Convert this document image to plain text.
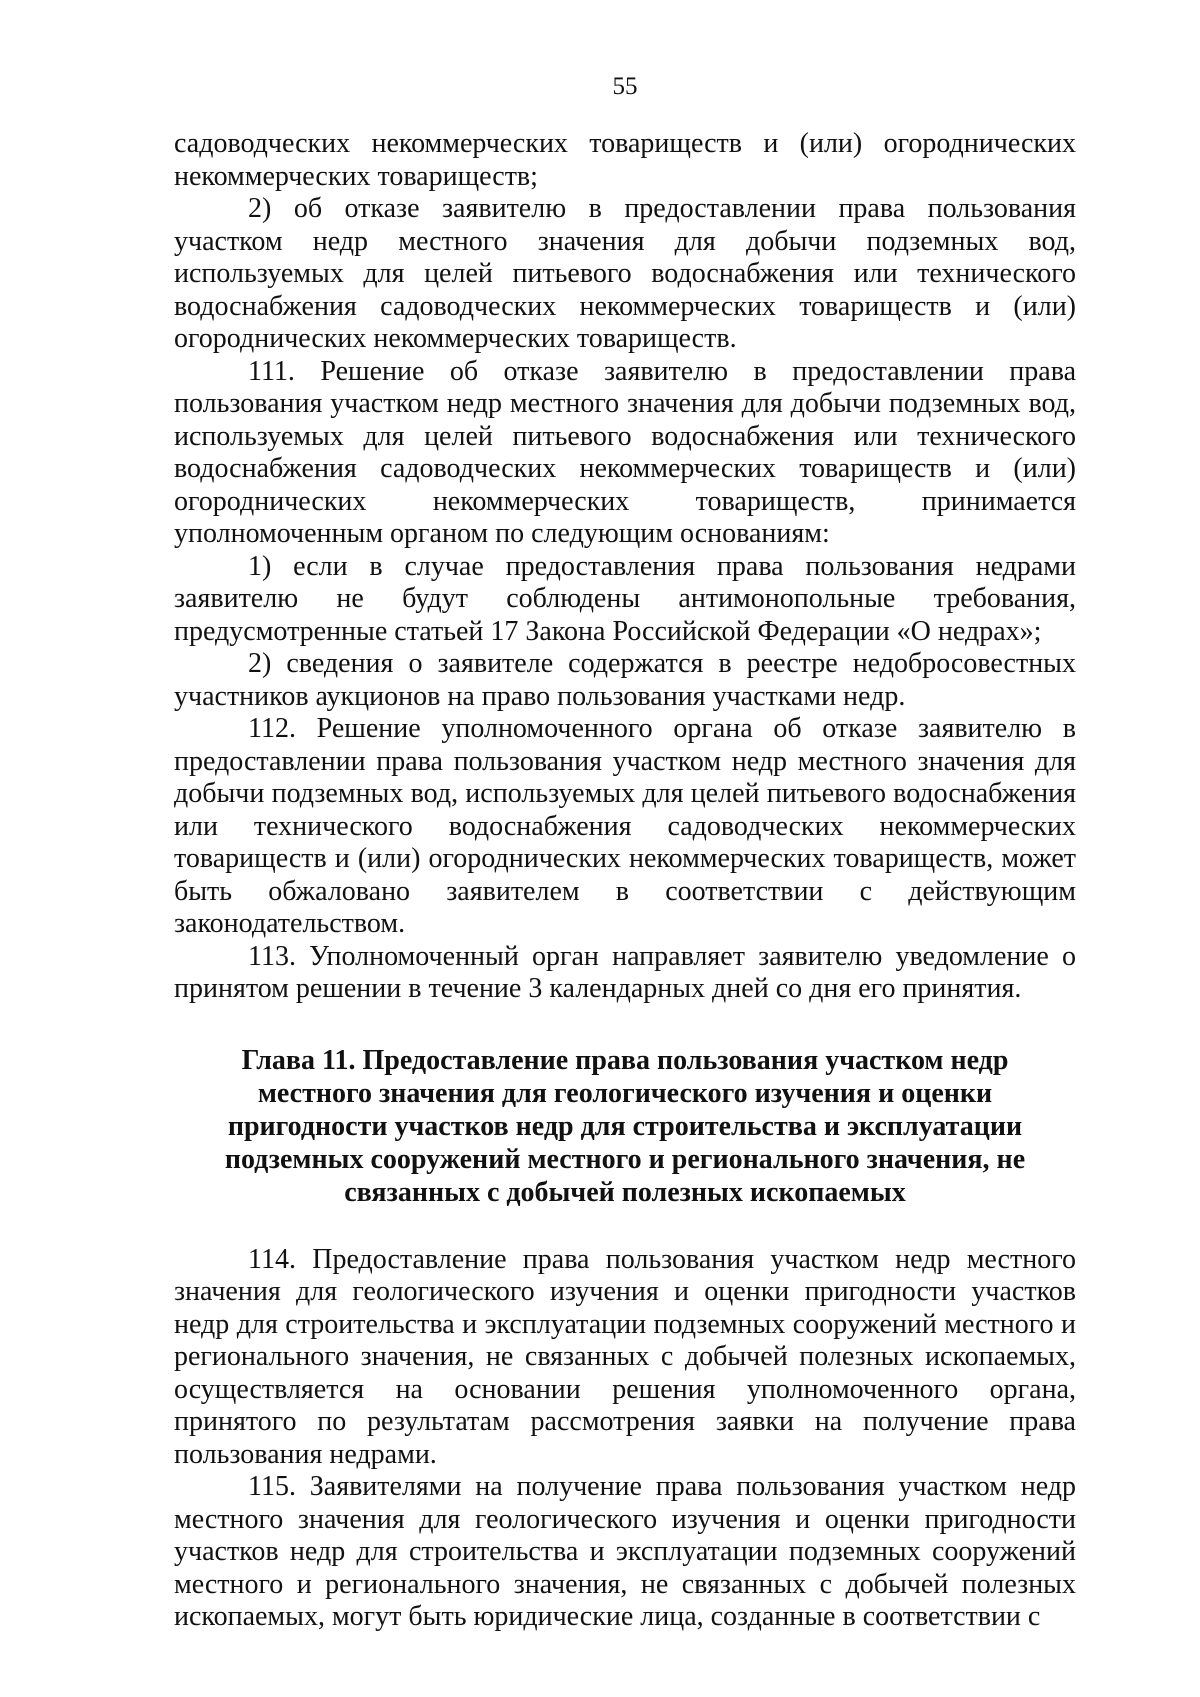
55

садоводческих некоммерческих товариществ и (или) огороднических некоммерческих товариществ;

2) об отказе заявителю в предоставлении права пользования участком недр местного значения для добычи подземных вод, используемых для целей питьевого водоснабжения или технического водоснабжения садоводческих некоммерческих товариществ и (или) огороднических некоммерческих товариществ.

111. Решение об отказе заявителю в предоставлении права пользования участком недр местного значения для добычи подземных вод, используемых для целей питьевого водоснабжения или технического водоснабжения садоводческих некоммерческих товариществ и (или) огороднических некоммерческих товариществ, принимается уполномоченным органом по следующим основаниям:

1) если в случае предоставления права пользования недрами заявителю не будут соблюдены антимонопольные требования, предусмотренные статьей 17 Закона Российской Федерации «О недрах»;

2) сведения о заявителе содержатся в реестре недобросовестных участников аукционов на право пользования участками недр.

112. Решение уполномоченного органа об отказе заявителю в предоставлении права пользования участком недр местного значения для добычи подземных вод, используемых для целей питьевого водоснабжения или технического водоснабжения садоводческих некоммерческих товариществ и (или) огороднических некоммерческих товариществ, может быть обжаловано заявителем в соответствии с действующим законодательством.

113. Уполномоченный орган направляет заявителю уведомление о принятом решении в течение 3 календарных дней со дня его принятия.

Глава 11. Предоставление права пользования участком недр местного значения для геологического изучения и оценки пригодности участков недр для строительства и эксплуатации подземных сооружений местного и регионального значения, не связанных с добычей полезных ископаемых

114. Предоставление права пользования участком недр местного значения для геологического изучения и оценки пригодности участков недр для строительства и эксплуатации подземных сооружений местного и регионального значения, не связанных с добычей полезных ископаемых, осуществляется на основании решения уполномоченного органа, принятого по результатам рассмотрения заявки на получение права пользования недрами.

115. Заявителями на получение права пользования участком недр местного значения для геологического изучения и оценки пригодности участков недр для строительства и эксплуатации подземных сооружений местного и регионального значения, не связанных с добычей полезных ископаемых, могут быть юридические лица, созданные в соответствии с
